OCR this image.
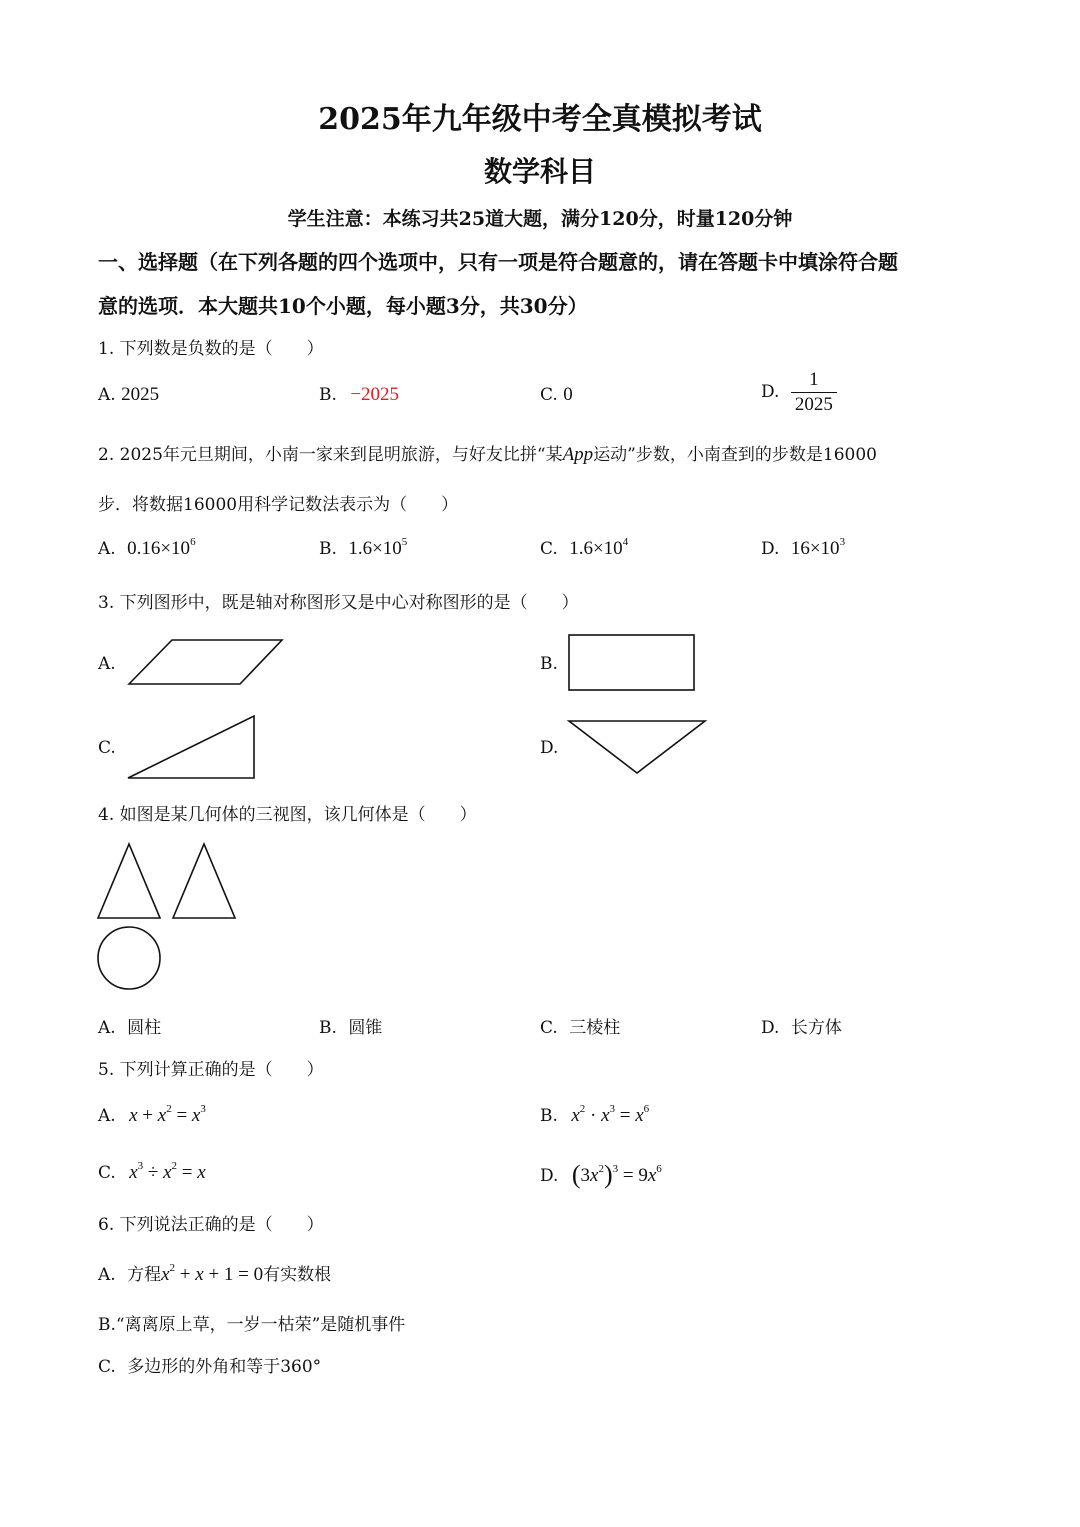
2025年九年级中考全真模拟考试
数学科目
学生注意：本练习共25道大题，满分120分，时量120分钟
一、选择题（在下列各题的四个选项中，只有一项是符合题意的，请在答题卡中填涂符合题
意的选项．本大题共10个小题，每小题3分，共30分）
1. 下列数是负数的是（　　）
A. 2025	B. −2025	C. 0	D. $\frac{1}{2025}$
2. 2025年元旦期间，小南一家来到昆明旅游，与好友比拼“某App运动”步数，小南查到的步数是16000
步．将数据16000用科学记数法表示为（　　）
A. $0.16\times 10^6$	B. $1.6\times 10^5$	C. $1.6\times 10^4$	D. $16\times 10^3$
3. 下列图形中，既是轴对称图形又是中心对称图形的是（　　）
A.	B.
C.	D.
4. 如图是某几何体的三视图，该几何体是（　　）
A. 圆柱	B. 圆锥	C. 三棱柱	D. 长方体
5. 下列计算正确的是（　　）
A. $x + x^2 = x^3$	B. $x^2 \cdot x^3 = x^6$
C. $x^3 \div x^2 = x$	D. $(3x^2)^3 = 9x^6$
6. 下列说法正确的是（　　）
A. 方程$x^2 + x + 1 = 0$有实数根
B.“离离原上草，一岁一枯荣”是随机事件
C. 多边形的外角和等于360°
